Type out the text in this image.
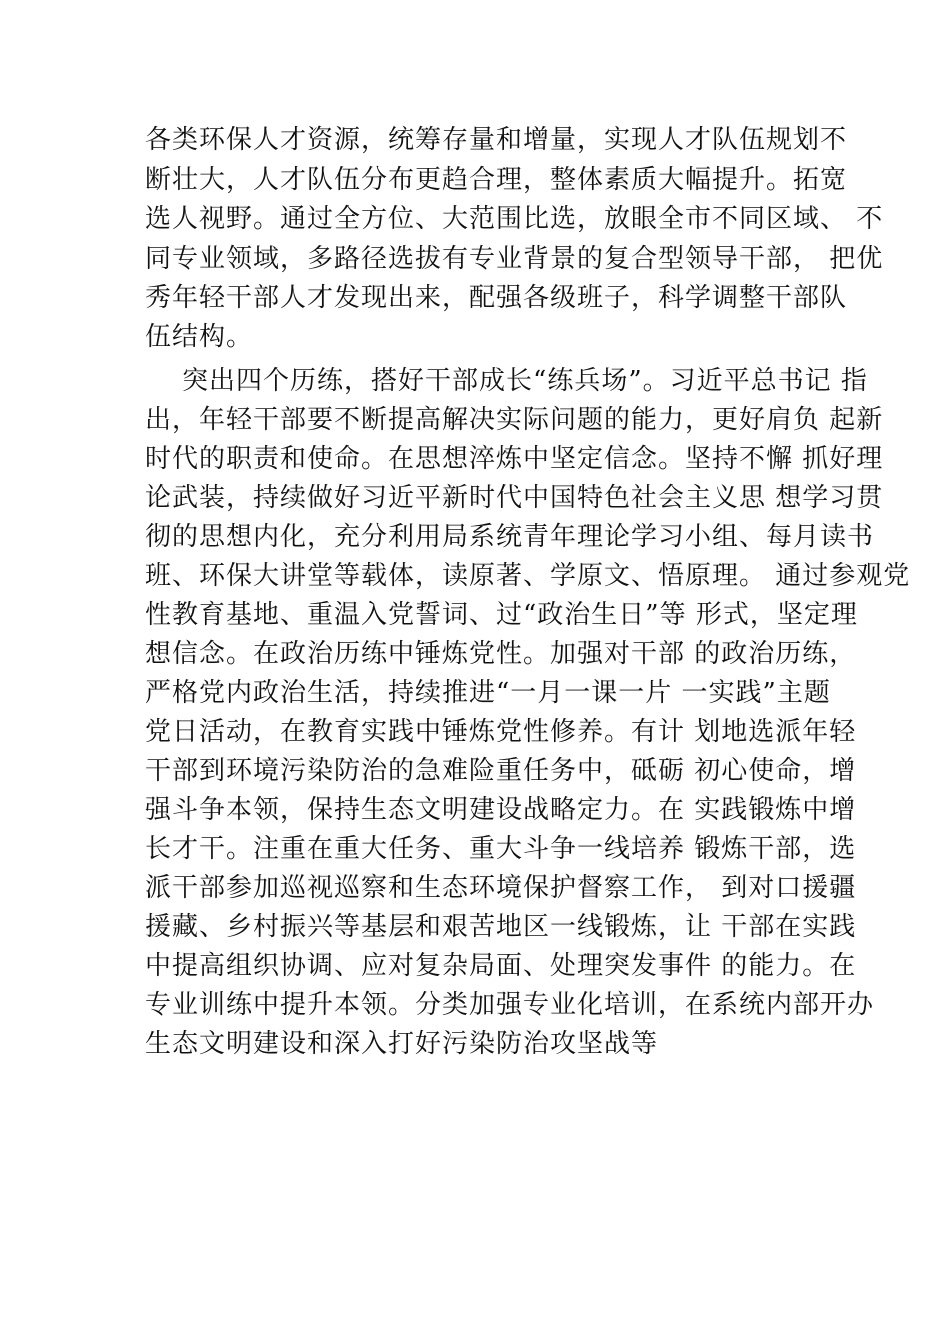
各类环保人才资源，统筹存量和增量，实现人才队伍规划不
断壮大，人才队伍分布更趋合理，整体素质大幅提升。拓宽
选人视野。通过全方位、大范围比选，放眼全市不同区域、 不
同专业领域，多路径选拔有专业背景的复合型领导干部， 把优
秀年轻干部人才发现出来，配强各级班子，科学调整干部队
伍结构。
突出四个历练，搭好干部成长“练兵场”。习近平总书记 指
出，年轻干部要不断提高解决实际问题的能力，更好肩负 起新
时代的职责和使命。在思想淬炼中坚定信念。坚持不懈 抓好理
论武装，持续做好习近平新时代中国特色社会主义思 想学习贯
彻的思想内化，充分利用局系统青年理论学习小组、每月读书
班、环保大讲堂等载体，读原著、学原文、悟原理。 通过参观党
性教育基地、重温入党誓词、过“政治生日”等 形式，坚定理
想信念。在政治历练中锤炼党性。加强对干部 的政治历练，
严格党内政治生活，持续推进“一月一课一片 一实践”主题
党日活动，在教育实践中锤炼党性修养。有计 划地选派年轻
干部到环境污染防治的急难险重任务中，砥砺 初心使命，增
强斗争本领，保持生态文明建设战略定力。在 实践锻炼中增
长才干。注重在重大任务、重大斗争一线培养 锻炼干部，选
派干部参加巡视巡察和生态环境保护督察工作， 到对口援疆
援藏、乡村振兴等基层和艰苦地区一线锻炼，让 干部在实践
中提高组织协调、应对复杂局面、处理突发事件 的能力。在
专业训练中提升本领。分类加强专业化培训，在系统内部开办
生态文明建设和深入打好污染防治攻坚战等
